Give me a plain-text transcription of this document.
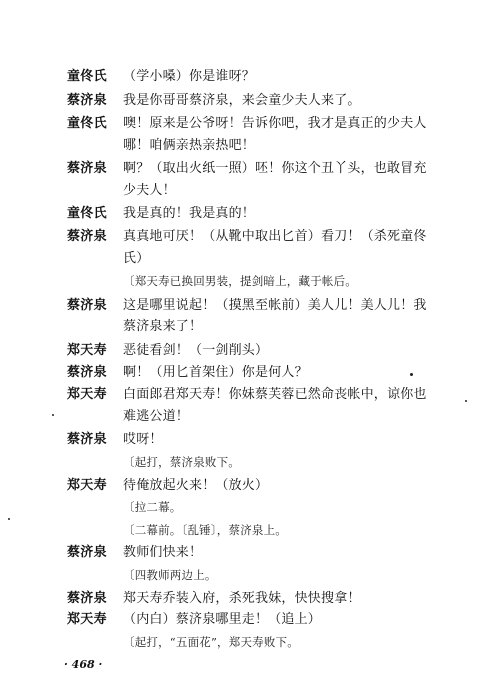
童佟氏 （学小嗓）你是谁呀？
蔡济泉 我是你哥哥蔡济泉，来会童少夫人来了。
童佟氏 噢！原来是公爷呀！告诉你吧，我才是真正的少夫人
哪！咱俩亲热亲热吧！
蔡济泉 啊？（取出火纸一照）呸！你这个丑丫头，也敢冒充
少夫人！
童佟氏 我是真的！我是真的！
蔡济泉 真真地可厌！（从靴中取出匕首）看刀！（杀死童佟
氏）
〔郑天寿已换回男装，提剑暗上，藏于帐后。
蔡济泉 这是哪里说起！（摸黑至帐前）美人儿！美人儿！我
蔡济泉来了！
郑天寿 恶徒看剑！（一剑削头）
蔡济泉 啊！（用匕首架住）你是何人？
郑天寿 白面郎君郑天寿！你妹蔡芙蓉已然命丧帐中，谅你也
难逃公道！
蔡济泉 哎呀！
〔起打，蔡济泉败下。
郑天寿 待俺放起火来！（放火）
〔拉二幕。
〔二幕前。〔乱锤〕，蔡济泉上。
蔡济泉 教师们快来！
〔四教师两边上。
蔡济泉 郑天寿乔装入府，杀死我妹，快快搜拿！
郑天寿 （内白）蔡济泉哪里走！（追上）
〔起打，“五面花”，郑天寿败下。
· 468 ·
